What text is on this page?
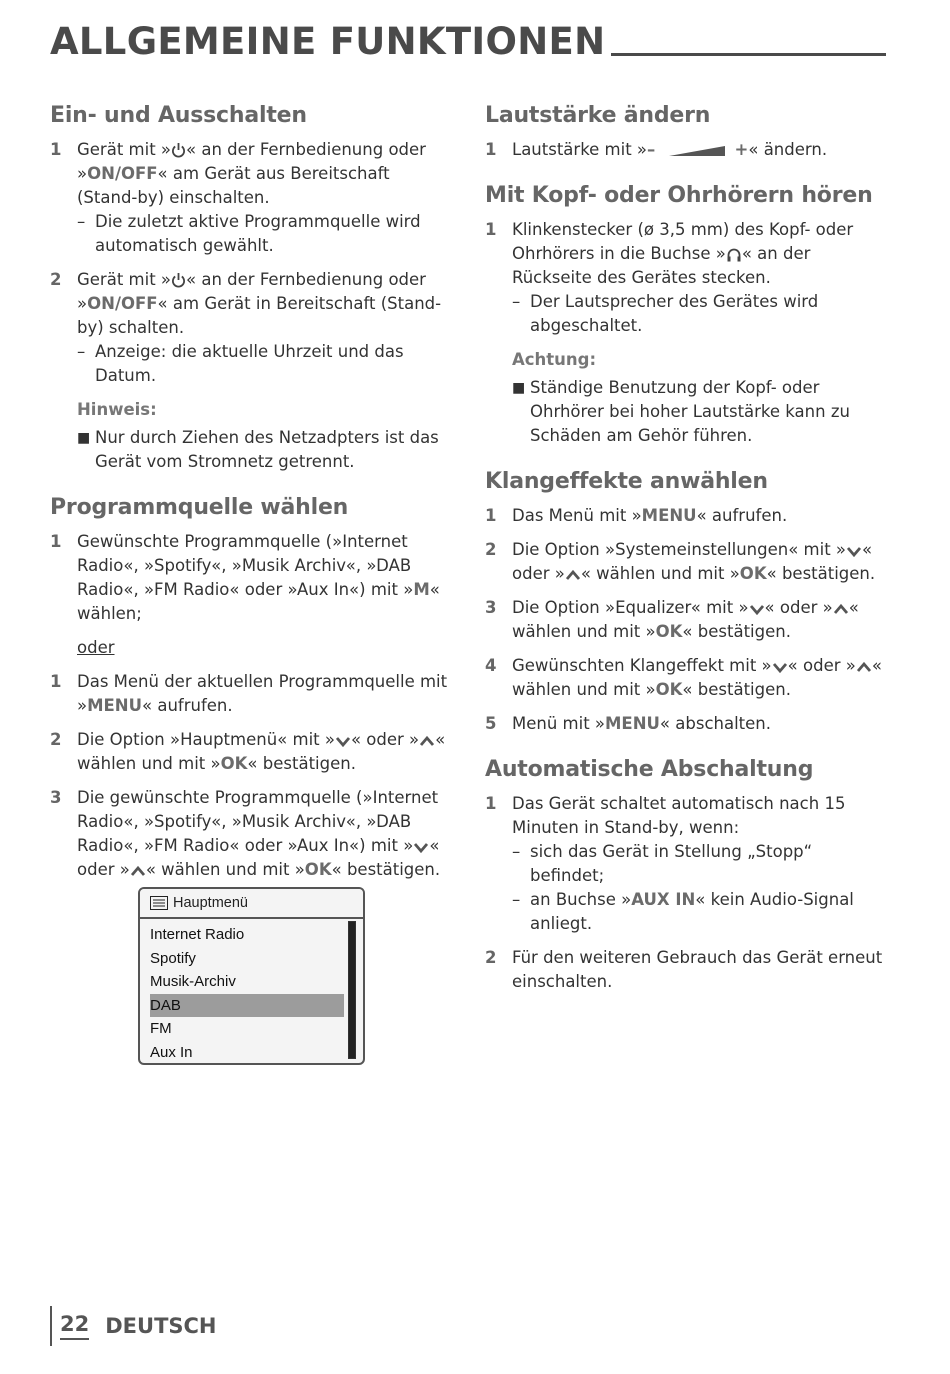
ALLGEMEINE FUNKTIONEN
Ein- und Ausschalten
1 Gerät mit » « an der Fernbedienung oder
»ON/OFF« am Gerät aus Bereitschaft
(Stand-by) einschalten.
– Die zuletzt aktive Programmquelle wird automatisch gewählt.
2 Gerät mit » « an der Fernbedienung oder
»ON/OFF« am Gerät in Bereitschaft (Stand-
by) schalten.
– Anzeige: die aktuelle Uhrzeit und das Datum.
Hinweis:
■ Nur durch Ziehen des Netzadpters ist das Gerät vom Stromnetz getrennt.
Programmquelle wählen
1 Gewünschte Programmquelle (»Internet Radio«, »Spotify«, »Musik Archiv«, »DAB Radio«, »FM Radio« oder »Aux In«) mit »M« wählen;
oder
1 Das Menü der aktuellen Programmquelle mit »MENU« aufrufen.
2 Die Option »Hauptmenü« mit » « oder » « wählen und mit »OK« bestätigen.
3 Die gewünschte Programmquelle (»Internet Radio«, »Spotify«, »Musik Archiv«, »DAB Radio«, »FM Radio« oder »Aux In«) mit » « oder » « wählen und mit »OK« bestätigen.
Hauptmenü
Internet Radio
Spotify
Musik-Archiv
DAB
FM
Aux In
Lautstärke ändern
1 Lautstärke mit »–	+« ändern.
Mit Kopf- oder Ohrhörern hören
1 Klinkenstecker (ø 3,5 mm) des Kopf- oder Ohrhörers in die Buchse » « an der Rückseite des Gerätes stecken.
– Der Lautsprecher des Gerätes wird abgeschaltet.
Achtung:
■ Ständige Benutzung der Kopf- oder Ohrhörer bei hoher Lautstärke kann zu Schäden am Gehör führen.
Klangeffekte anwählen
1 Das Menü mit »MENU« aufrufen.
2 Die Option »Systemeinstellungen« mit » « oder » « wählen und mit »OK« bestätigen.
3 Die Option »Equalizer« mit » « oder » « wählen und mit »OK« bestätigen.
4 Gewünschten Klangeffekt mit » « oder » « wählen und mit »OK« bestätigen.
5 Menü mit »MENU« abschalten.
Automatische Abschaltung
1 Das Gerät schaltet automatisch nach 15 Minuten in Stand-by, wenn:
– sich das Gerät in Stellung „Stopp“ befindet;
– an Buchse »AUX IN« kein Audio-Signal anliegt.
2 Für den weiteren Gebrauch das Gerät erneut einschalten.
22 DEUTSCH
